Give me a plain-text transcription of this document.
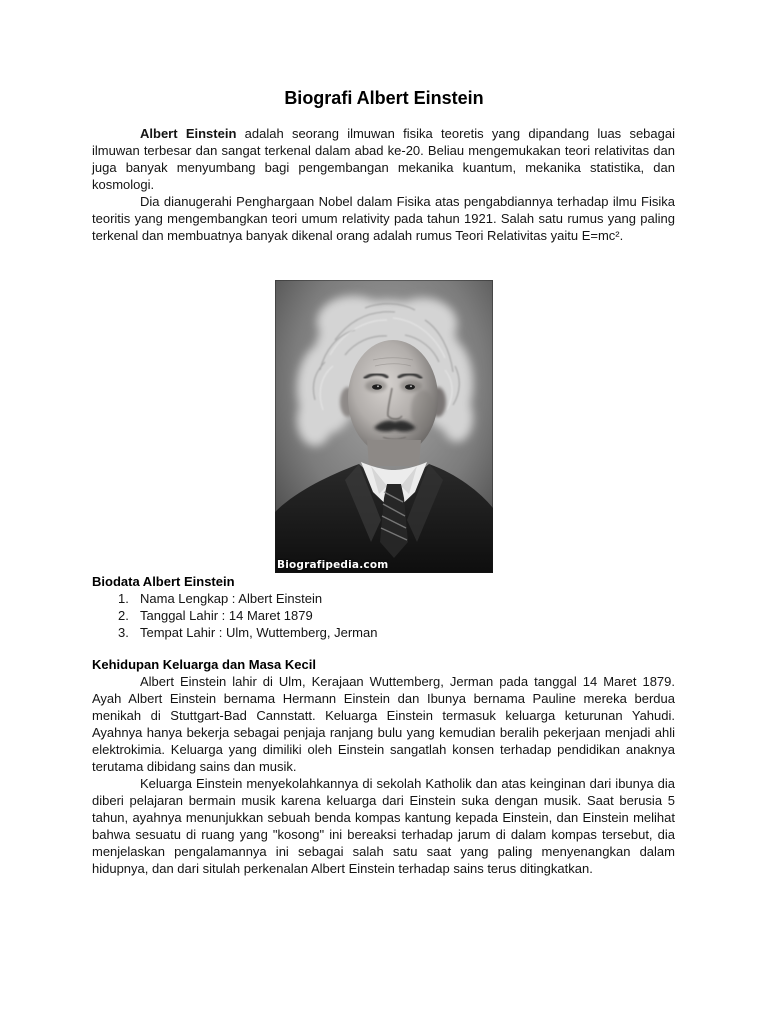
Biografi Albert Einstein

Albert Einstein adalah seorang ilmuwan fisika teoretis yang dipandang luas sebagai ilmuwan terbesar dan sangat terkenal dalam abad ke-20. Beliau mengemukakan teori relativitas dan juga banyak menyumbang bagi pengembangan mekanika kuantum, mekanika statistika, dan kosmologi.

Dia dianugerahi Penghargaan Nobel dalam Fisika atas pengabdiannya terhadap ilmu Fisika teoritis yang mengembangkan teori umum relativity pada tahun 1921. Salah satu rumus yang paling terkenal dan membuatnya banyak dikenal orang adalah rumus Teori Relativitas yaitu E=mc².

Biografipedia.com
Biodata Albert Einstein
1. Nama Lengkap : Albert Einstein
2. Tanggal Lahir : 14 Maret 1879
3. Tempat Lahir : Ulm, Wuttemberg, Jerman
Kehidupan Keluarga dan Masa Kecil

Albert Einstein lahir di Ulm, Kerajaan Wuttemberg, Jerman pada tanggal 14 Maret 1879. Ayah Albert Einstein bernama Hermann Einstein dan Ibunya bernama Pauline mereka berdua menikah di Stuttgart-Bad Cannstatt. Keluarga Einstein termasuk keluarga keturunan Yahudi. Ayahnya hanya bekerja sebagai penjaja ranjang bulu yang kemudian beralih pekerjaan menjadi ahli elektrokimia. Keluarga yang dimiliki oleh Einstein sangatlah konsen terhadap pendidikan anaknya terutama dibidang sains dan musik.

Keluarga Einstein menyekolahkannya di sekolah Katholik dan atas keinginan dari ibunya dia diberi pelajaran bermain musik karena keluarga dari Einstein suka dengan musik. Saat berusia 5 tahun, ayahnya menunjukkan sebuah benda kompas kantung kepada Einstein, dan Einstein melihat bahwa sesuatu di ruang yang "kosong" ini bereaksi terhadap jarum di dalam kompas tersebut, dia menjelaskan pengalamannya ini sebagai salah satu saat yang paling menyenangkan dalam hidupnya, dan dari situlah perkenalan Albert Einstein terhadap sains terus ditingkatkan.
